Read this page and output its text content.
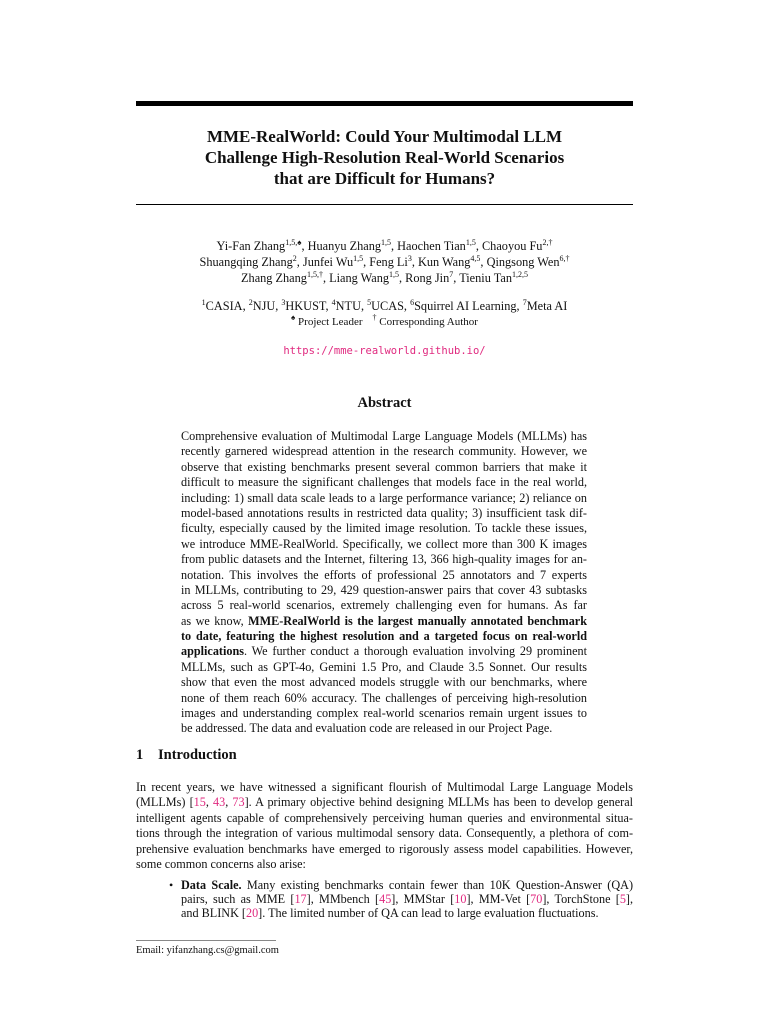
MME-RealWorld: Could Your Multimodal LLM
Challenge High-Resolution Real-World Scenarios
that are Difficult for Humans?
Yi-Fan Zhang$^{1,5,♠}$, Huanyu Zhang$^{1,5}$, Haochen Tian$^{1,5}$, Chaoyou $Fu^{2,\dagger}$
Shuangqing Zhang$^2$, Junfei Wu$^{1,5}$, Feng Li$^3$, Kun Wang$^{4,5}$, Qingsong Wen$^{6,\dagger}$
Zhang Zhang$^{1,5,\dagger}$, Liang Wang$^{1,5}$, Rong Jin$^7$, Tieniu Tan$^{1,2,5}$
$^1$CASIA, $^2$NJU, $^3$HKUST, $^4$NTU, $^5$UCAS, $^6$Squirrel AI Learning, $^7$Meta AI
♠ Project Leader † Corresponding Author
https://mme-realworld.github.io/
Abstract
Comprehensive evaluation of Multimodal Large Language Models (MLLMs) has
recently garnered widespread attention in the research community. However, we
observe that existing benchmarks present several common barriers that make it
difficult to measure the significant challenges that models face in the real world,
including: 1) small data scale leads to a large performance variance; 2) reliance on
model-based annotations results in restricted data quality; 3) insufficient task dif-
ficulty, especially caused by the limited image resolution. To tackle these issues,
we introduce MME-RealWorld. Specifically, we collect more than 300 K images
from public datasets and the Internet, filtering 13, 366 high-quality images for an-
notation. This involves the efforts of professional 25 annotators and 7 experts
in MLLMs, contributing to 29, 429 question-answer pairs that cover 43 subtasks
across 5 real-world scenarios, extremely challenging even for humans. As far
as we know, MME-RealWorld is the largest manually annotated benchmark
to date, featuring the highest resolution and a targeted focus on real-world
applications. We further conduct a thorough evaluation involving 29 prominent
MLLMs, such as GPT-4o, Gemini 1.5 Pro, and Claude 3.5 Sonnet. Our results
show that even the most advanced models struggle with our benchmarks, where
none of them reach 60% accuracy. The challenges of perceiving high-resolution
images and understanding complex real-world scenarios remain urgent issues to
be addressed. The data and evaluation code are released in our Project Page.
1 Introduction
In recent years, we have witnessed a significant flourish of Multimodal Large Language Models
(MLLMs) [15, 43, 73]. A primary objective behind designing MLLMs has been to develop general
intelligent agents capable of comprehensively perceiving human queries and environmental situa-
tions through the integration of various multimodal sensory data. Consequently, a plethora of com-
prehensive evaluation benchmarks have emerged to rigorously assess model capabilities. However,
some common concerns also arise:
• Data Scale. Many existing benchmarks contain fewer than 10K Question-Answer (QA)
pairs, such as MME [17], MMbench [45], MMStar [10], MM-Vet [70], TorchStone [5],
and BLINK [20]. The limited number of QA can lead to large evaluation fluctuations.
Email: yifanzhang.cs@gmail.com
